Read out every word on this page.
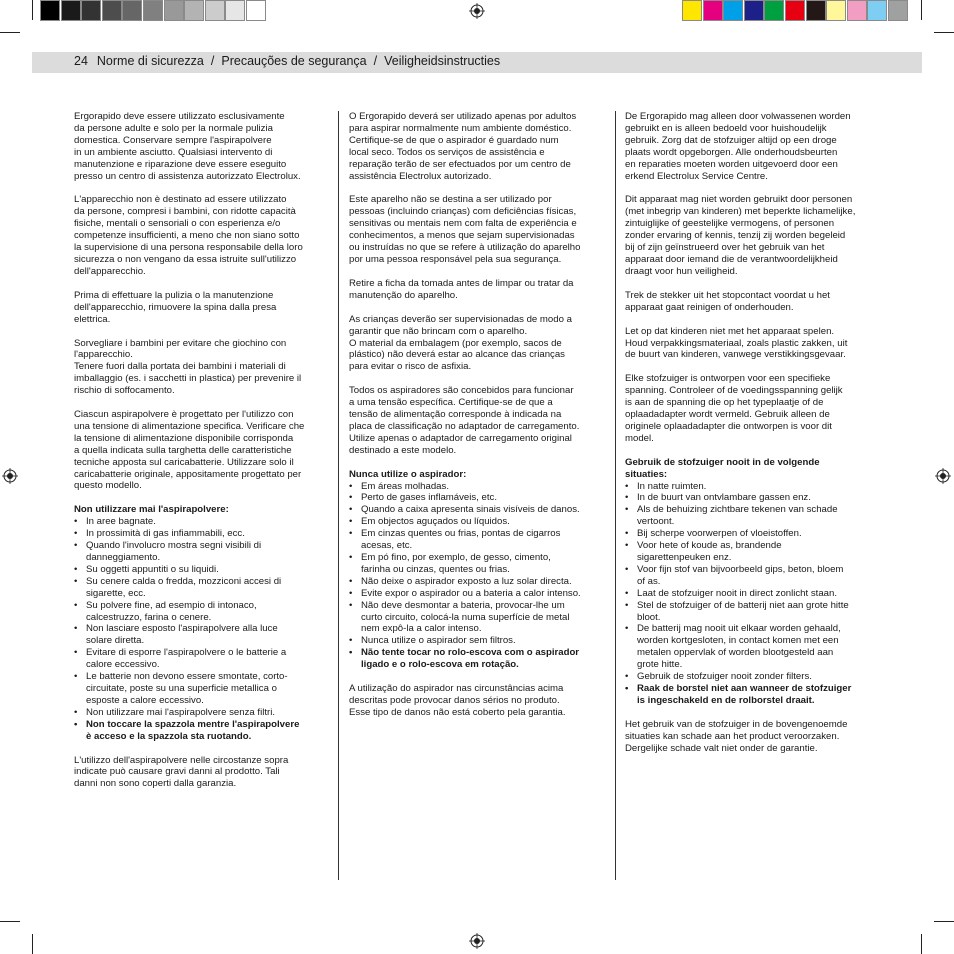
24 Norme di sicurezza / Precauções de segurança / Veiligheidsinstructies

Ergorapido deve essere utilizzato esclusivamente
da persone adulte e solo per la normale pulizia
domestica. Conservare sempre l'aspirapolvere
in un ambiente asciutto. Qualsiasi intervento di
manutenzione e riparazione deve essere eseguito
presso un centro di assistenza autorizzato Electrolux.

L'apparecchio non è destinato ad essere utilizzato
da persone, compresi i bambini, con ridotte capacità
fisiche, mentali o sensoriali o con esperienza e/o
competenze insufficienti, a meno che non siano sotto
la supervisione di una persona responsabile della loro
sicurezza o non vengano da essa istruite sull'utilizzo
dell'apparecchio.

Prima di effettuare la pulizia o la manutenzione
dell'apparecchio, rimuovere la spina dalla presa
elettrica.

Sorvegliare i bambini per evitare che giochino con
l'apparecchio.
Tenere fuori dalla portata dei bambini i materiali di
imballaggio (es. i sacchetti in plastica) per prevenire il
rischio di soffocamento.

Ciascun aspirapolvere è progettato per l'utilizzo con
una tensione di alimentazione specifica. Verificare che
la tensione di alimentazione disponibile corrisponda
a quella indicata sulla targhetta delle caratteristiche
tecniche apposta sul caricabatterie. Utilizzare solo il
caricabatterie originale, appositamente progettato per
questo modello.

Non utilizzare mai l'aspirapolvere:
• In aree bagnate.
• In prossimità di gas infiammabili, ecc.
• Quando l'involucro mostra segni visibili di
danneggiamento.
• Su oggetti appuntiti o su liquidi.
• Su cenere calda o fredda, mozziconi accesi di
sigarette, ecc.
• Su polvere fine, ad esempio di intonaco,
calcestruzzo, farina o cenere.
• Non lasciare esposto l'aspirapolvere alla luce
solare diretta.
• Evitare di esporre l'aspirapolvere o le batterie a
calore eccessivo.
• Le batterie non devono essere smontate, corto-
circuitate, poste su una superficie metallica o
esposte a calore eccessivo.
• Non utilizzare mai l'aspirapolvere senza filtri.
• Non toccare la spazzola mentre l'aspirapolvere
è acceso e la spazzola sta ruotando.

L'utilizzo dell'aspirapolvere nelle circostanze sopra
indicate può causare gravi danni al prodotto. Tali
danni non sono coperti dalla garanzia.

O Ergorapido deverá ser utilizado apenas por adultos
para aspirar normalmente num ambiente doméstico.
Certifique-se de que o aspirador é guardado num
local seco. Todos os serviços de assistência e
reparação terão de ser efectuados por um centro de
assistência Electrolux autorizado.

Este aparelho não se destina a ser utilizado por
pessoas (incluindo crianças) com deficiências físicas,
sensitivas ou mentais nem com falta de experiência e
conhecimentos, a menos que sejam supervisionadas
ou instruídas no que se refere à utilização do aparelho
por uma pessoa responsável pela sua segurança.

Retire a ficha da tomada antes de limpar ou tratar da
manutenção do aparelho.

As crianças deverão ser supervisionadas de modo a
garantir que não brincam com o aparelho.
O material da embalagem (por exemplo, sacos de
plástico) não deverá estar ao alcance das crianças
para evitar o risco de asfixia.

Todos os aspiradores são concebidos para funcionar
a uma tensão específica. Certifique-se de que a
tensão de alimentação corresponde à indicada na
placa de classificação no adaptador de carregamento.
Utilize apenas o adaptador de carregamento original
destinado a este modelo.

Nunca utilize o aspirador:
• Em áreas molhadas.
• Perto de gases inflamáveis, etc.
• Quando a caixa apresenta sinais visíveis de danos.
• Em objectos aguçados ou líquidos.
• Em cinzas quentes ou frias, pontas de cigarros
acesas, etc.
• Em pó fino, por exemplo, de gesso, cimento,
farinha ou cinzas, quentes ou frias.
• Não deixe o aspirador exposto a luz solar directa.
• Evite expor o aspirador ou a bateria a calor intenso.
• Não deve desmontar a bateria, provocar-lhe um
curto circuito, colocá-la numa superfície de metal
nem expô-la a calor intenso.
• Nunca utilize o aspirador sem filtros.
• Não tente tocar no rolo-escova com o aspirador
ligado e o rolo-escova em rotação.

A utilização do aspirador nas circunstâncias acima
descritas pode provocar danos sérios no produto.
Esse tipo de danos não está coberto pela garantia.

De Ergorapido mag alleen door volwassenen worden
gebruikt en is alleen bedoeld voor huishoudelijk
gebruik. Zorg dat de stofzuiger altijd op een droge
plaats wordt opgeborgen. Alle onderhoudsbeurten
en reparaties moeten worden uitgevoerd door een
erkend Electrolux Service Centre.

Dit apparaat mag niet worden gebruikt door personen
(met inbegrip van kinderen) met beperkte lichamelijke,
zintuiglijke of geestelijke vermogens, of personen
zonder ervaring of kennis, tenzij zij worden begeleid
bij of zijn geïnstrueerd over het gebruik van het
apparaat door iemand die de verantwoordelijkheid
draagt voor hun veiligheid.

Trek de stekker uit het stopcontact voordat u het
apparaat gaat reinigen of onderhouden.

Let op dat kinderen niet met het apparaat spelen.
Houd verpakkingsmateriaal, zoals plastic zakken, uit
de buurt van kinderen, vanwege verstikkingsgevaar.

Elke stofzuiger is ontworpen voor een specifieke
spanning. Controleer of de voedingsspanning gelijk
is aan de spanning die op het typeplaatje of de
oplaadadapter wordt vermeld. Gebruik alleen de
originele oplaadadapter die ontworpen is voor dit
model.

Gebruik de stofzuiger nooit in de volgende
situaties:
• In natte ruimten.
• In de buurt van ontvlambare gassen enz.
• Als de behuizing zichtbare tekenen van schade
vertoont.
• Bij scherpe voorwerpen of vloeistoffen.
• Voor hete of koude as, brandende
sigarettenpeuken enz.
• Voor fijn stof van bijvoorbeeld gips, beton, bloem
of as.
• Laat de stofzuiger nooit in direct zonlicht staan.
• Stel de stofzuiger of de batterij niet aan grote hitte
bloot.
• De batterij mag nooit uit elkaar worden gehaald,
worden kortgesloten, in contact komen met een
metalen oppervlak of worden blootgesteld aan
grote hitte.
• Gebruik de stofzuiger nooit zonder filters.
• Raak de borstel niet aan wanneer de stofzuiger
is ingeschakeld en de rolborstel draait.

Het gebruik van de stofzuiger in de bovengenoemde
situaties kan schade aan het product veroorzaken.
Dergelijke schade valt niet onder de garantie.
